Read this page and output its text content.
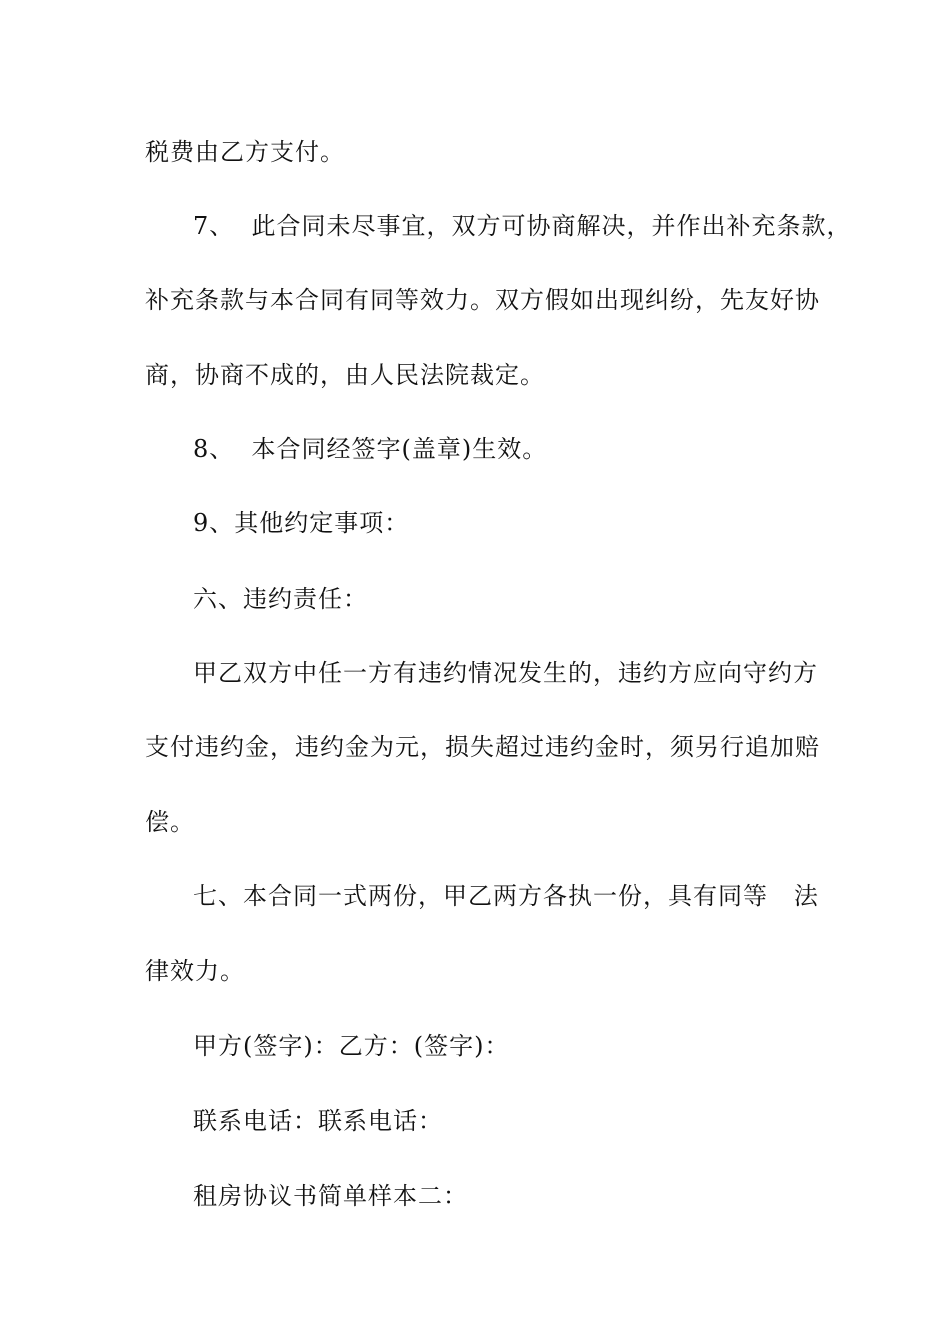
税费由乙方支付。
7、  此合同未尽事宜，双方可协商解决，并作出补充条款，
补充条款与本合同有同等效力。双方假如出现纠纷，先友好协
商，协商不成的，由人民法院裁定。
8、  本合同经签字(盖章)生效。
9、其他约定事项：
六、违约责任：
甲乙双方中任一方有违约情况发生的，违约方应向守约方
支付违约金，违约金为元，损失超过违约金时，须另行追加赔
偿。
七、本合同一式两份，甲乙两方各执一份，具有同等   法
律效力。
甲方(签字)：乙方：(签字)：
联系电话：联系电话：
租房协议书简单样本二：
